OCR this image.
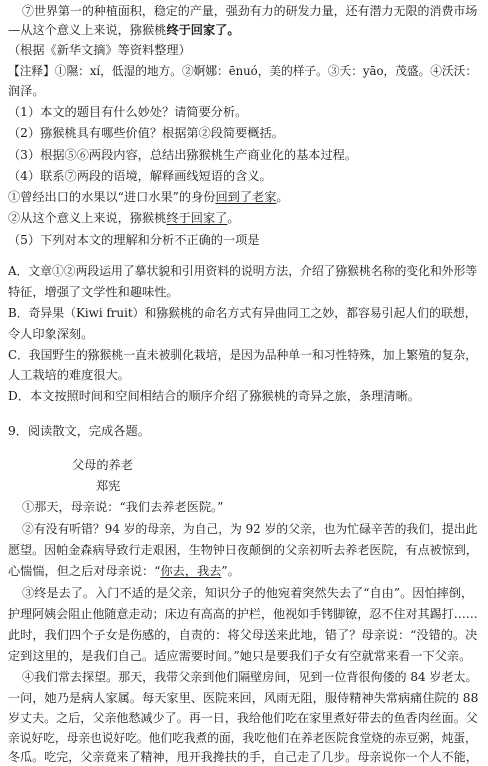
⑦世界第一的种植面积，稳定的产量，强劲有力的研发力量，还有潜力无限的消费市场
—从这个意义上来说，猕猴桃终于回家了。
（根据《新华文摘》等资料整理）
【注释】①隰：xí，低湿的地方。②婀娜：ēnuó，美的样子。③夭：yāo，茂盛。④沃沃：
润泽。
（1）本文的题目有什么妙处？请简要分析。
（2）猕猴桃具有哪些价值？根据第②段简要概括。
（3）根据⑤⑥两段内容，总结出猕猴桃生产商业化的基本过程。
（4）联系⑦两段的语境，解释画线短语的含义。
①曾经出口的水果以“进口水果”的身份回到了老家。
②从这个意义上来说，猕猴桃终于回家了。
（5）下列对本文的理解和分析不正确的一项是
A．文章①②两段运用了摹状貌和引用资料的说明方法，介绍了猕猴桃名称的变化和外形等
特征，增强了文学性和趣味性。
B．奇异果（Kiwi fruit）和猕猴桃的命名方式有异曲同工之妙，都容易引起人们的联想，
令人印象深刻。
C．我国野生的猕猴桃一直未被驯化栽培，是因为品种单一和习性特殊，加上繁殖的复杂，
人工栽培的难度很大。
D．本文按照时间和空间相结合的顺序介绍了猕猴桃的奇异之旅，条理清晰。
9．阅读散文，完成各题。
父母的养老
郑宪
①那天，母亲说：“我们去养老医院。”
②有没有听错？94 岁的母亲，为自己，为 92 岁的父亲，也为忙碌辛苦的我们，提出此
愿望。因帕金森病导致行走艰困，生物钟日夜颠倒的父亲初听去养老医院，有点被惊到，
心惴惴，但之后对母亲说：“你去，我去”。
③终是去了。入门不适的是父亲，知识分子的他宛着突然失去了“自由”。因怕摔倒，
护理阿姨会阻止他随意走动；床边有高高的护栏，他视如手铐脚镣，忍不住对其踢打……
此时，我们四个子女是伤感的，自责的：将父母送来此地，错了？母亲说：“没错的。决
定到这里的，是我们自己。适应需要时间。”她只是要我们子女有空就常来看一下父亲。
④我们常去探望。那天，我带父亲到他们隔壁房间，见到一位背很佝偻的 84 岁老太。
一问，她乃是病人家属。每天家里、医院来回，风雨无阻，服侍精神失常病痛住院的 88
岁丈夫。之后，父亲他愁减少了。再一日，我给他们吃在家里煮好带去的鱼香肉丝面。父
亲说好吃，母亲也说好吃。他们吃我煮的面，我吃他们在养老医院食堂烧的赤豆粥，炖蛋，
冬瓜。吃完，父亲竟来了精神，甩开我搀扶的手，自己走了几步。母亲说你一个人不能，
